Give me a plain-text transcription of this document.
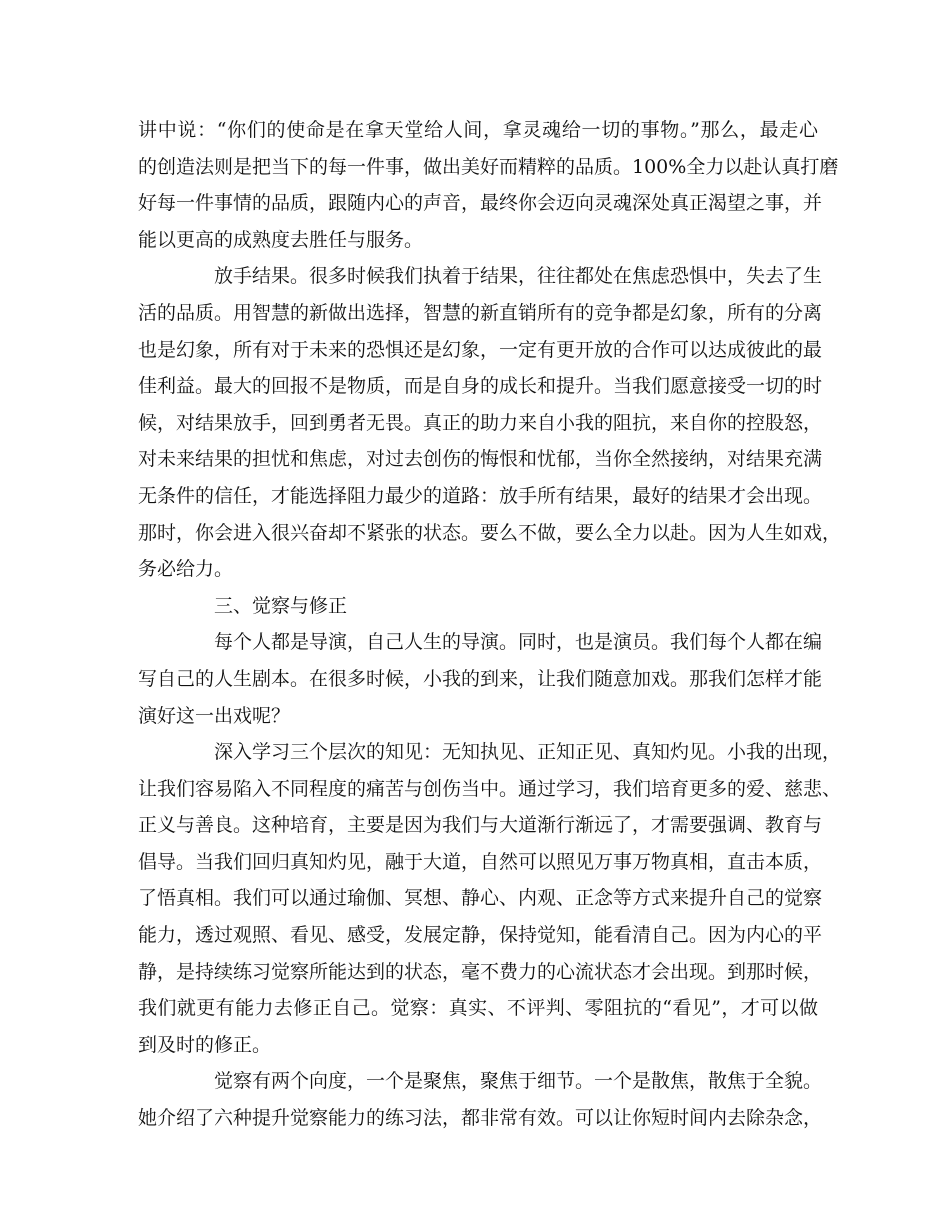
讲中说：“你们的使命是在拿天堂给人间，拿灵魂给一切的事物。”那么，最走心
的创造法则是把当下的每一件事，做出美好而精粹的品质。100%全力以赴认真打磨
好每一件事情的品质，跟随内心的声音，最终你会迈向灵魂深处真正渴望之事，并
能以更高的成熟度去胜任与服务。
放手结果。很多时候我们执着于结果，往往都处在焦虑恐惧中，失去了生
活的品质。用智慧的新做出选择，智慧的新直销所有的竞争都是幻象，所有的分离
也是幻象，所有对于未来的恐惧还是幻象，一定有更开放的合作可以达成彼此的最
佳利益。最大的回报不是物质，而是自身的成长和提升。当我们愿意接受一切的时
候，对结果放手，回到勇者无畏。真正的助力来自小我的阻抗，来自你的控股怒，
对未来结果的担忧和焦虑，对过去创伤的悔恨和忧郁，当你全然接纳，对结果充满
无条件的信任，才能选择阻力最少的道路：放手所有结果，最好的结果才会出现。
那时，你会进入很兴奋却不紧张的状态。要么不做，要么全力以赴。因为人生如戏，
务必给力。
三、觉察与修正
每个人都是导演，自己人生的导演。同时，也是演员。我们每个人都在编
写自己的人生剧本。在很多时候，小我的到来，让我们随意加戏。那我们怎样才能
演好这一出戏呢？
深入学习三个层次的知见：无知执见、正知正见、真知灼见。小我的出现，
让我们容易陷入不同程度的痛苦与创伤当中。通过学习，我们培育更多的爱、慈悲、
正义与善良。这种培育，主要是因为我们与大道渐行渐远了，才需要强调、教育与
倡导。当我们回归真知灼见，融于大道，自然可以照见万事万物真相，直击本质，
了悟真相。我们可以通过瑜伽、冥想、静心、内观、正念等方式来提升自己的觉察
能力，透过观照、看见、感受，发展定静，保持觉知，能看清自己。因为内心的平
静，是持续练习觉察所能达到的状态，毫不费力的心流状态才会出现。到那时候，
我们就更有能力去修正自己。觉察：真实、不评判、零阻抗的“看见”，才可以做
到及时的修正。
觉察有两个向度，一个是聚焦，聚焦于细节。一个是散焦，散焦于全貌。
她介绍了六种提升觉察能力的练习法，都非常有效。可以让你短时间内去除杂念，
